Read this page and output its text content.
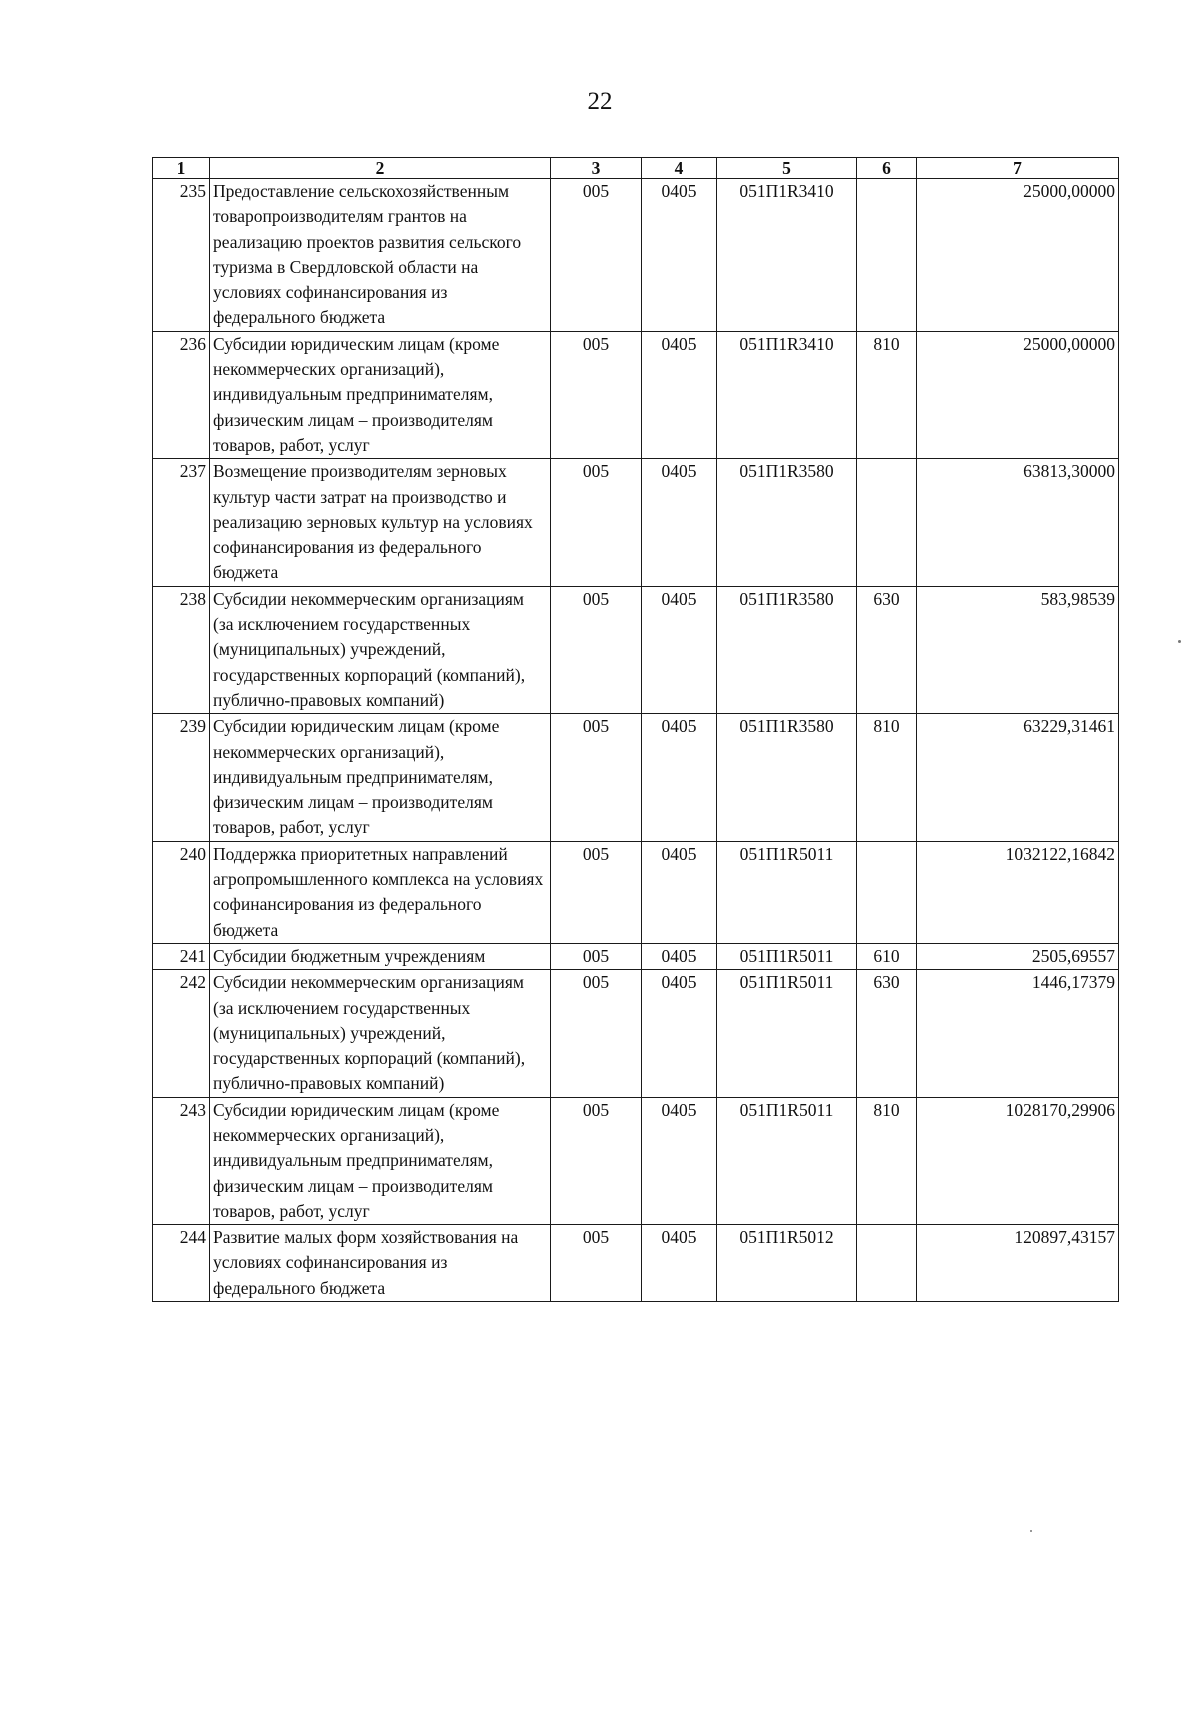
22
1	2	3	4	5	6	7
235	Предоставление сельскохозяйственным товаропроизводителям грантов на реализацию проектов развития сельского туризма в Свердловской области на условиях софинансирования из федерального бюджета	005	0405	051П1R3410		25000,00000
236	Субсидии юридическим лицам (кроме некоммерческих организаций), индивидуальным предпринимателям, физическим лицам – производителям товаров, работ, услуг	005	0405	051П1R3410	810	25000,00000
237	Возмещение производителям зерновых культур части затрат на производство и реализацию зерновых культур на условиях софинансирования из федерального бюджета	005	0405	051П1R3580		63813,30000
238	Субсидии некоммерческим организациям (за исключением государственных (муниципальных) учреждений, государственных корпораций (компаний), публично-правовых компаний)	005	0405	051П1R3580	630	583,98539
239	Субсидии юридическим лицам (кроме некоммерческих организаций), индивидуальным предпринимателям, физическим лицам – производителям товаров, работ, услуг	005	0405	051П1R3580	810	63229,31461
240	Поддержка приоритетных направлений агропромышленного комплекса на условиях софинансирования из федерального бюджета	005	0405	051П1R5011		1032122,16842
241	Субсидии бюджетным учреждениям	005	0405	051П1R5011	610	2505,69557
242	Субсидии некоммерческим организациям (за исключением государственных (муниципальных) учреждений, государственных корпораций (компаний), публично-правовых компаний)	005	0405	051П1R5011	630	1446,17379
243	Субсидии юридическим лицам (кроме некоммерческих организаций), индивидуальным предпринимателям, физическим лицам – производителям товаров, работ, услуг	005	0405	051П1R5011	810	1028170,29906
244	Развитие малых форм хозяйствования на условиях софинансирования из федерального бюджета	005	0405	051П1R5012		120897,43157
